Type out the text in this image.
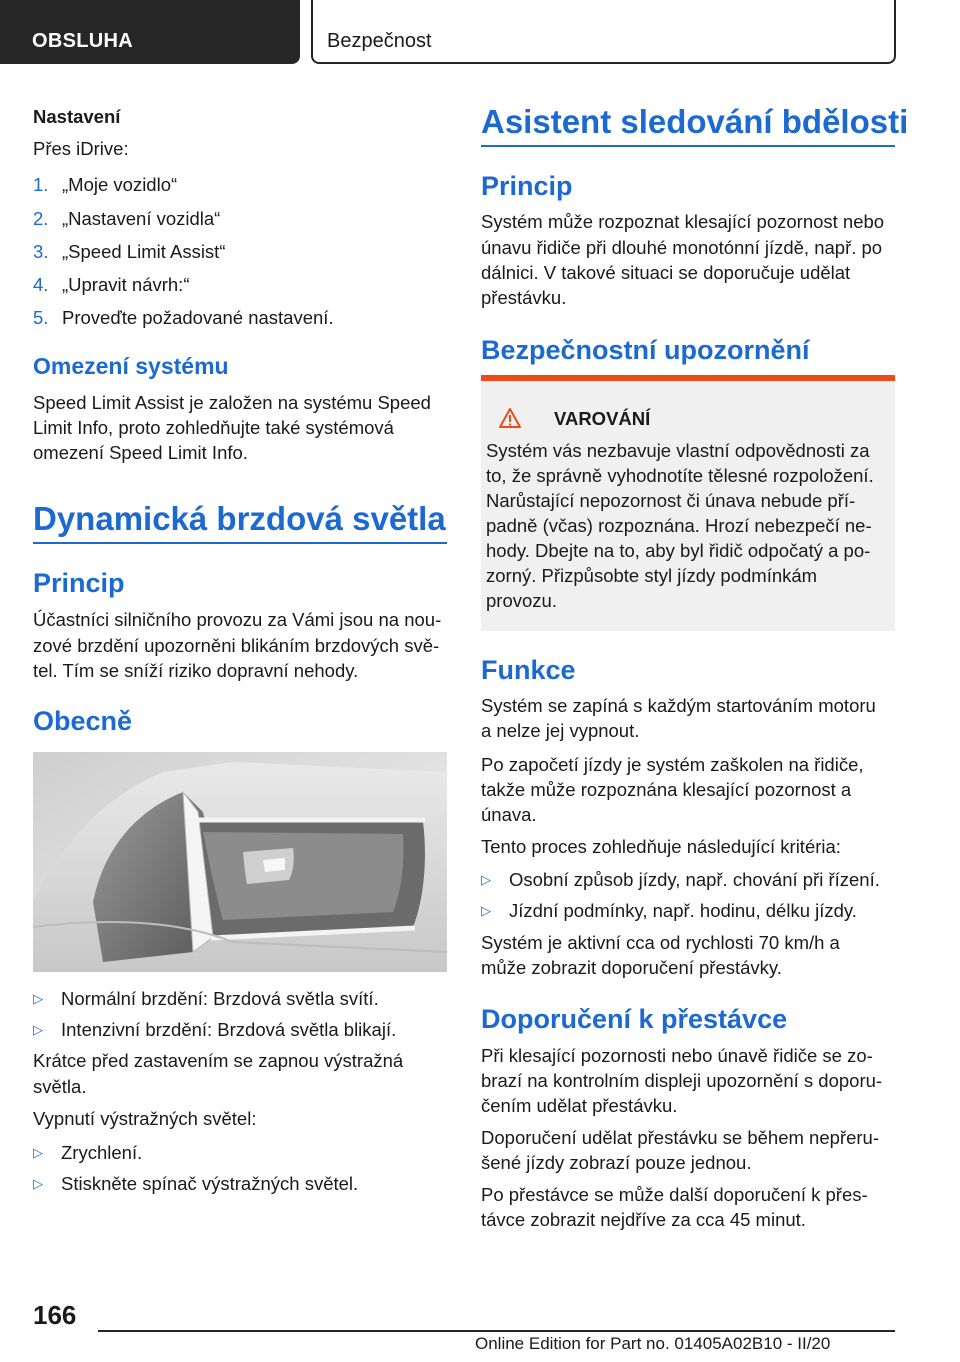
OBSLUHA	Bezpečnost
Nastavení
Přes iDrive:
1. „Moje vozidlo“
2. „Nastavení vozidla“
3. „Speed Limit Assist“
4. „Upravit návrh:“
5. Proveďte požadované nastavení.
Omezení systému
Speed Limit Assist je založen na systému Speed
Limit Info, proto zohledňujte také systémová
omezení Speed Limit Info.
Dynamická brzdová světla
Princip
Účastníci silničního provozu za Vámi jsou na nou-
zové brzdění upozorněni blikáním brzdových svě-
tel. Tím se sníží riziko dopravní nehody.
Obecně
▷ Normální brzdění: Brzdová světla svítí.
▷ Intenzivní brzdění: Brzdová světla blikají.
Krátce před zastavením se zapnou výstražná
světla.
Vypnutí výstražných světel:
▷ Zrychlení.
▷ Stiskněte spínač výstražných světel.
Asistent sledování bdělosti
Princip
Systém může rozpoznat klesající pozornost nebo
únavu řidiče při dlouhé monotónní jízdě, např. po
dálnici. V takové situaci se doporučuje udělat
přestávku.
Bezpečnostní upozornění
VAROVÁNÍ
Systém vás nezbavuje vlastní odpovědnosti za
to, že správně vyhodnotíte tělesné rozpoložení.
Narůstající nepozornost či únava nebude pří-
padně (včas) rozpoznána. Hrozí nebezpečí ne-
hody. Dbejte na to, aby byl řidič odpočatý a po-
zorný. Přizpůsobte styl jízdy podmínkám
provozu.
Funkce
Systém se zapíná s každým startováním motoru
a nelze jej vypnout.
Po započetí jízdy je systém zaškolen na řidiče,
takže může rozpoznána klesající pozornost a
únava.
Tento proces zohledňuje následující kritéria:
▷ Osobní způsob jízdy, např. chování při řízení.
▷ Jízdní podmínky, např. hodinu, délku jízdy.
Systém je aktivní cca od rychlosti 70 km/h a
může zobrazit doporučení přestávky.
Doporučení k přestávce
Při klesající pozornosti nebo únavě řidiče se zo-
brazí na kontrolním displeji upozornění s doporu-
čením udělat přestávku.
Doporučení udělat přestávku se během nepřeru-
šené jízdy zobrazí pouze jednou.
Po přestávce se může další doporučení k přes-
távce zobrazit nejdříve za cca 45 minut.
166
Online Edition for Part no. 01405A02B10 - II/20
